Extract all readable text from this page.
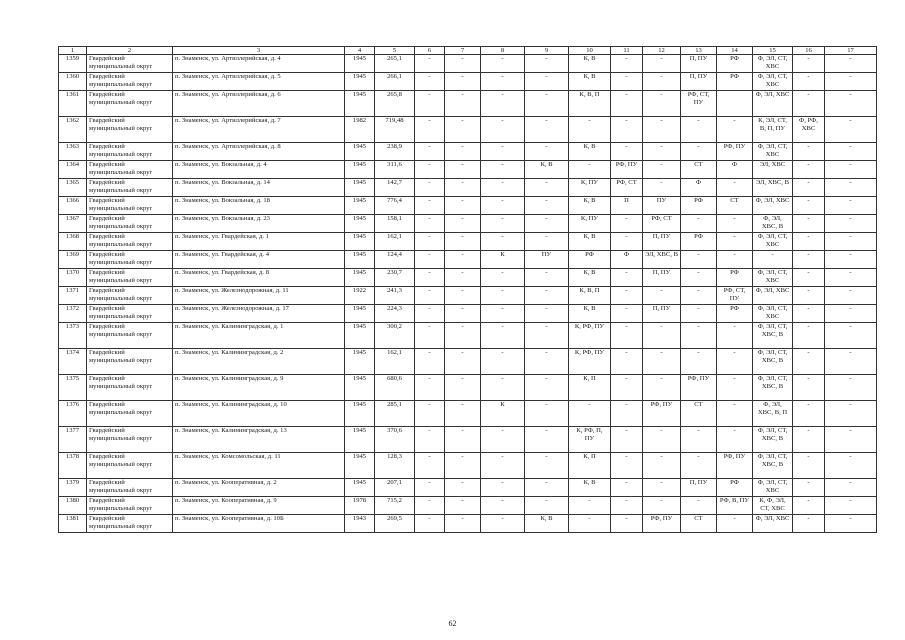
1	2	3	4	5	6	7	8	9	10	11	12	13	14	15	16	17
1359	Гвардейский муниципальный округ	п. Знаменск, ул. Артиллерийская, д. 4	1945	265,1	-	-	-	-	К, В	-	-	П, ПУ	РФ	Ф, ЭЛ, СТ, ХВС	-	-
1360	Гвардейский муниципальный округ	п. Знаменск, ул. Артиллерийская, д. 5	1945	266,1	-	-	-	-	К, В	-	-	П, ПУ	РФ	Ф, ЭЛ, СТ, ХВС	-	-
1361	Гвардейский муниципальный округ	п. Знаменск, ул. Артиллерийская, д. 6	1945	265,8	-	-	-	-	К, В, П	-	-	РФ, СТ, ПУ		Ф, ЭЛ, ХВС	-	-
1362	Гвардейский муниципальный округ	п. Знаменск, ул. Артиллерийская, д. 7	1982	719,48	-	-	-	-	-	-	-	-	-	К, ЭЛ, СТ, В, П, ПУ	Ф, РФ, ХВС	-
1363	Гвардейский муниципальный округ	п. Знаменск, ул. Артиллерийская, д. 8	1945	238,9	-	-	-	-	К, В	-	-	-	РФ, ПУ	Ф, ЭЛ, СТ, ХВС	-	-
1364	Гвардейский муниципальный округ	п. Знаменск, ул. Вокзальная, д. 4	1945	311,6	-	-	-	К, В	-	РФ, ПУ	-	СТ	Ф	ЭЛ, ХВС	-	-
1365	Гвардейский муниципальный округ	п. Знаменск, ул. Вокзальная, д. 14	1945	142,7	-	-	-	-	К, ПУ	РФ, СТ	-	Ф	-	ЭЛ, ХВС, В	-	-
1366	Гвардейский муниципальный округ	п. Знаменск, ул. Вокзальная, д. 18	1945	776,4	-	-	-	-	К, В	П	ПУ	РФ	СТ	Ф, ЭЛ, ХВС	-	-
1367	Гвардейский муниципальный округ	п. Знаменск, ул. Вокзальная, д. 23	1945	158,1	-	-	-	-	К, ПУ	-	РФ, СТ	-	-	Ф, ЭЛ, ХВС, В	-	-
1368	Гвардейский муниципальный округ	п. Знаменск, ул. Гвардейская, д. 1	1945	162,1	-	-	-	-	К, В	-	П, ПУ	РФ	-	Ф, ЭЛ, СТ, ХВС	-	-
1369	Гвардейский муниципальный округ	п. Знаменск, ул. Гвардейская, д. 4	1945	124,4	-	-	К	ПУ	РФ	Ф	ЭЛ, ХВС, В	-	-	-	-	-
1370	Гвардейский муниципальный округ	п. Знаменск, ул. Гвардейская, д. 8	1945	230,7	-	-	-	-	К, В	-	П, ПУ	-	РФ	Ф, ЭЛ, СТ, ХВС	-	-
1371	Гвардейский муниципальный округ	п. Знаменск, ул. Железнодорожная, д. 11	1922	241,3	-	-	-	-	К, В, П	-	-	-	РФ, СТ, ПУ	Ф, ЭЛ, ХВС	-	-
1372	Гвардейский муниципальный округ	п. Знаменск, ул. Железнодорожная, д. 17	1945	224,3	-	-	-	-	К, В	-	П, ПУ	-	РФ	Ф, ЭЛ, СТ, ХВС	-	-
1373	Гвардейский муниципальный округ	п. Знаменск, ул. Калининградская, д. 1	1945	300,2	-	-	-	-	К, РФ, ПУ	-	-	-	-	Ф, ЭЛ, СТ, ХВС, В	-	-
1374	Гвардейский муниципальный округ	п. Знаменск, ул. Калининградская, д. 2	1945	162,1	-	-	-	-	К, РФ, ПУ	-	-	-	-	Ф, ЭЛ, СТ, ХВС, В	-	-
1375	Гвардейский муниципальный округ	п. Знаменск, ул. Калининградская, д. 9	1945	680,6	-	-	-	-	К, П	-	-	РФ, ПУ	-	Ф, ЭЛ, СТ, ХВС, В	-	-
1376	Гвардейский муниципальный округ	п. Знаменск, ул. Калининградская, д. 10	1945	285,1	-	-	К	-	-	-	РФ, ПУ	СТ	-	Ф, ЭЛ, ХВС, В, П	-	-
1377	Гвардейский муниципальный округ	п. Знаменск, ул. Калининградская, д. 13	1945	370,6	-	-	-	-	К, РФ, П, ПУ	-	-	-	-	Ф, ЭЛ, СТ, ХВС, В	-	-
1378	Гвардейский муниципальный округ	п. Знаменск, ул. Комсомольская, д. 11	1945	128,3	-	-	-	-	К, П	-	-	-	РФ, ПУ	Ф, ЭЛ, СТ, ХВС, В	-	-
1379	Гвардейский муниципальный округ	п. Знаменск, ул. Кооперативная, д. 2	1945	207,1	-	-	-	-	К, В	-	-	П, ПУ	РФ	Ф, ЭЛ, СТ, ХВС	-	-
1380	Гвардейский муниципальный округ	п. Знаменск, ул. Кооперативная, д. 9	1978	715,2	-	-	-	-	-	-	-	-	РФ, В, ПУ	К, Ф, ЭЛ, СТ, ХВС	-	-
1381	Гвардейский муниципальный округ	п. Знаменск, ул. Кооперативная, д. 10Б	1943	269,5	-	-	-	К, В	-	-	РФ, ПУ	СТ	-	Ф, ЭЛ, ХВС	-	-
62
